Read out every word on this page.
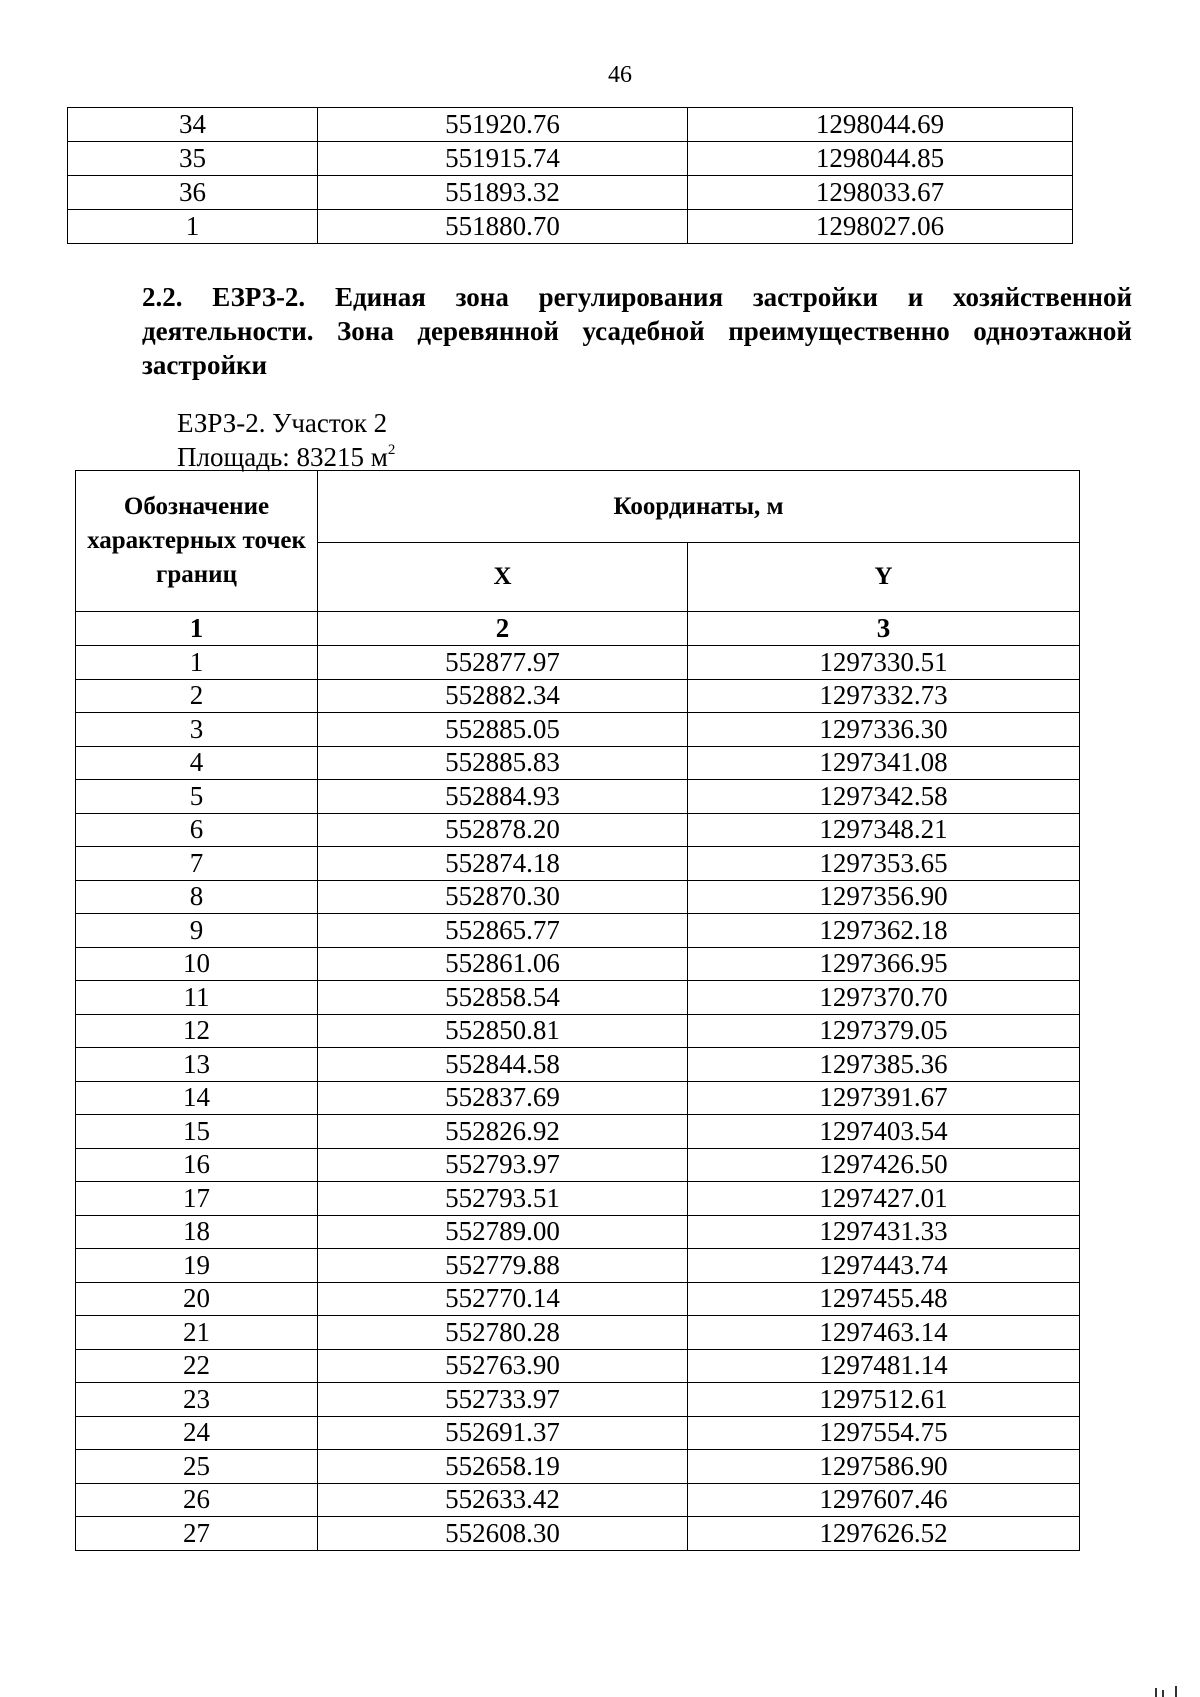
46
34	551920.76	1298044.69
35	551915.74	1298044.85
36	551893.32	1298033.67
1	551880.70	1298027.06
2.2. ЕЗРЗ-2. Единая зона регулирования застройки и хозяйственной деятельности. Зона деревянной усадебной преимущественно одноэтажной застройки
ЕЗРЗ-2. Участок 2
Площадь: 83215 $м^2$
Обозначение характерных точек границ	Координаты, м	
	X	Y
1	2	3
1	552877.97	1297330.51
2	552882.34	1297332.73
3	552885.05	1297336.30
4	552885.83	1297341.08
5	552884.93	1297342.58
6	552878.20	1297348.21
7	552874.18	1297353.65
8	552870.30	1297356.90
9	552865.77	1297362.18
10	552861.06	1297366.95
11	552858.54	1297370.70
12	552850.81	1297379.05
13	552844.58	1297385.36
14	552837.69	1297391.67
15	552826.92	1297403.54
16	552793.97	1297426.50
17	552793.51	1297427.01
18	552789.00	1297431.33
19	552779.88	1297443.74
20	552770.14	1297455.48
21	552780.28	1297463.14
22	552763.90	1297481.14
23	552733.97	1297512.61
24	552691.37	1297554.75
25	552658.19	1297586.90
26	552633.42	1297607.46
27	552608.30	1297626.52
